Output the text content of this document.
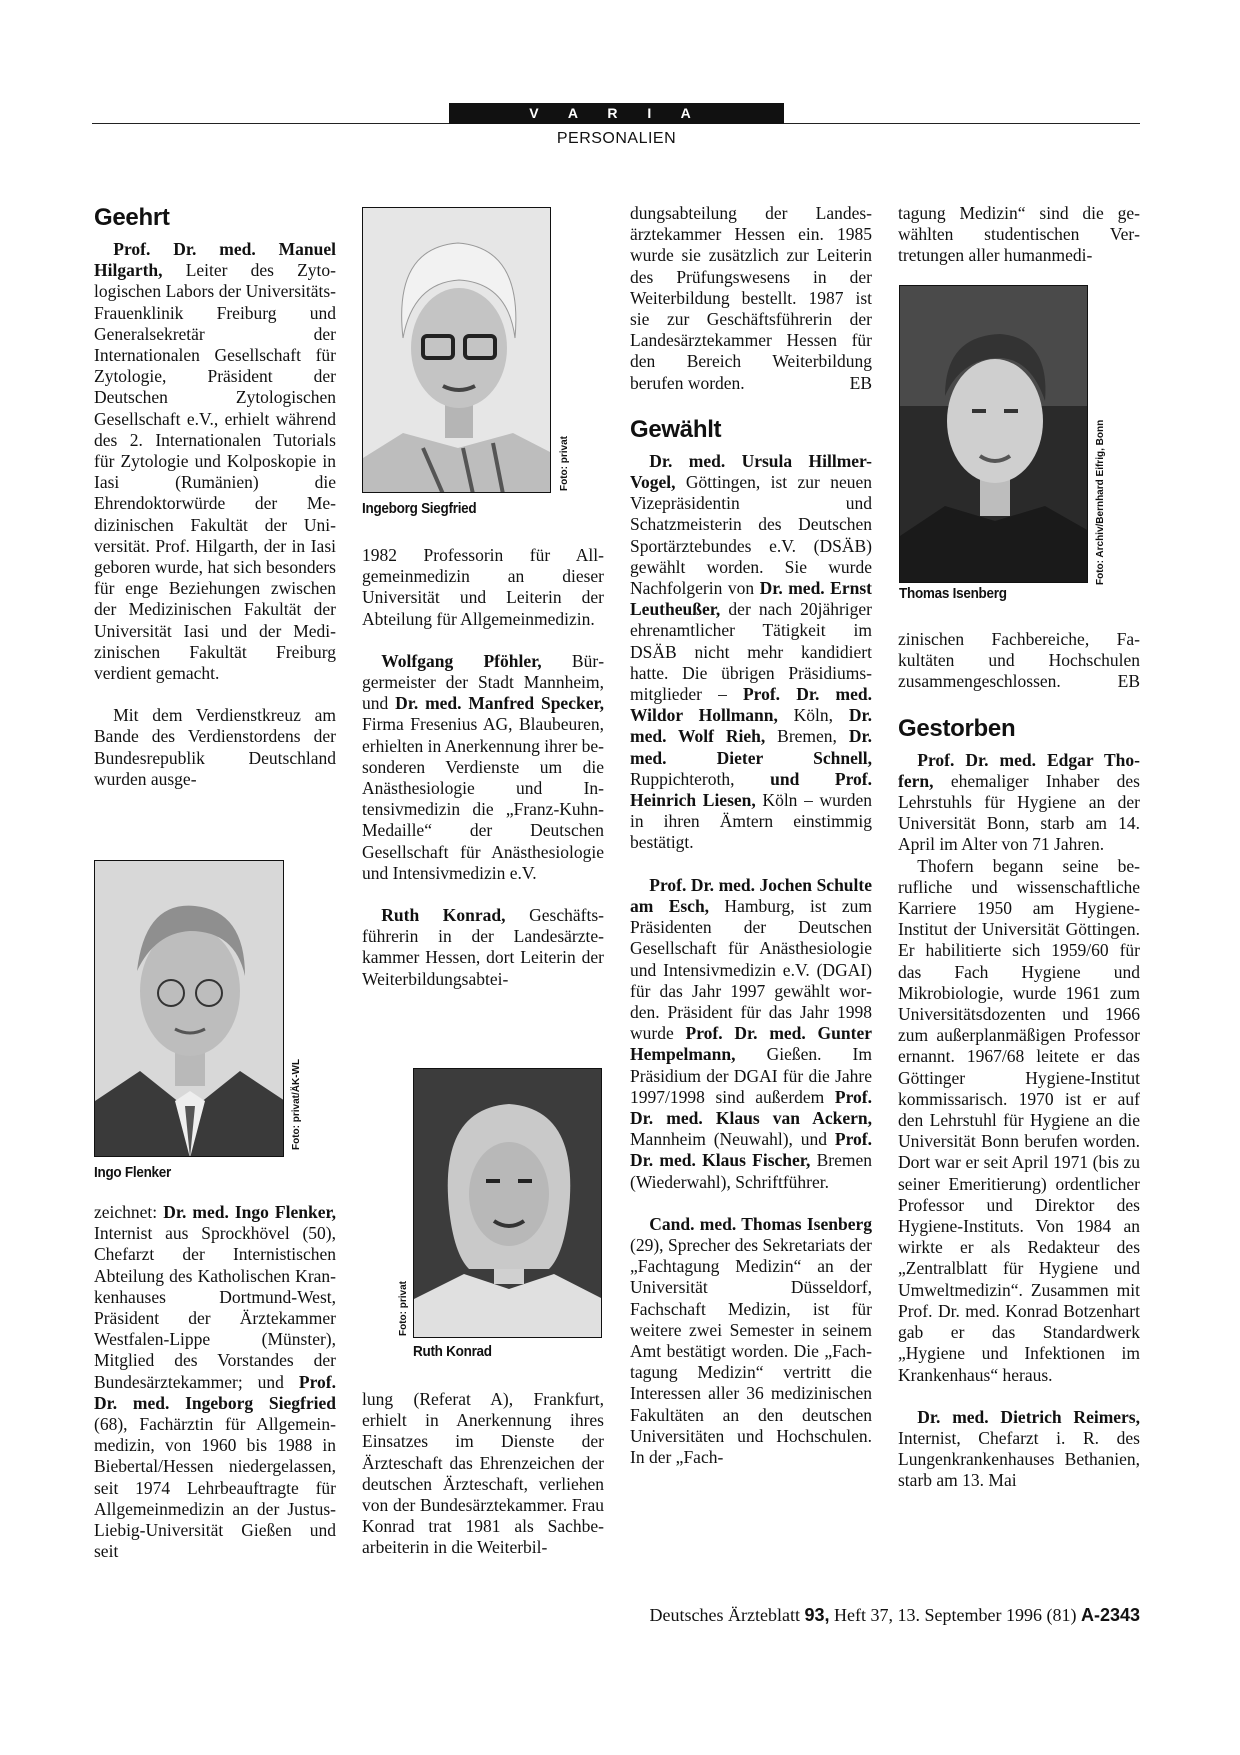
V A R I A
PERSONALIEN
Geehrt

Prof. Dr. med. Manuel Hilgarth, Leiter des Zytologischen Labors der Universitäts-Frauenklinik Freiburg und Generalsekretär der Internationalen Gesellschaft für Zytologie, Präsident der Deutschen Zytologischen Gesellschaft e.V., erhielt während des 2. Internationalen Tutorials für Zytologie und Kolposkopie in Iasi (Rumänien) die Ehrendoktorwürde der Medizinischen Fakultät der Universität. Prof. Hilgarth, der in Iasi geboren wurde, hat sich besonders für enge Beziehungen zwischen der Medizinischen Fakultät der Universität Iasi und der Medizinischen Fakultät Freiburg verdient gemacht.

Mit dem Verdienstkreuz am Bande des Verdienstordens der Bundesrepublik Deutschland wurden ausge-

Foto: privat/ÄK-WL
Ingo Flenker

zeichnet: Dr. med. Ingo Flenker, Internist aus Sprockhövel (50), Chefarzt der Internistischen Abteilung des Katholischen Krankenhauses Dortmund-West, Präsident der Ärztekammer Westfalen-Lippe (Münster), Mitglied des Vorstandes der Bundesärztekammer; und Prof. Dr. med. Ingeborg Siegfried (68), Fachärztin für Allgemeinmedizin, von 1960 bis 1988 in Biebertal/Hessen niedergelassen, seit 1974 Lehrbeauftragte für Allgemeinmedizin an der Justus-Liebig-Universität Gießen und seit

Foto: privat
Ingeborg Siegfried

1982 Professorin für Allgemeinmedizin an dieser Universität und Leiterin der Abteilung für Allgemeinmedizin.

Wolfgang Pföhler, Bürgermeister der Stadt Mannheim, und Dr. med. Manfred Specker, Firma Fresenius AG, Blaubeuren, erhielten in Anerkennung ihrer besonderen Verdienste um die Anästhesiologie und Intensivmedizin die „Franz-Kuhn-Medaille“ der Deutschen Gesellschaft für Anästhesiologie und Intensivmedizin e.V.

Ruth Konrad, Geschäftsführerin in der Landesärztekammer Hessen, dort Leiterin der Weiterbildungsabtei-

Foto: privat
Ruth Konrad

lung (Referat A), Frankfurt, erhielt in Anerkennung ihres Einsatzes im Dienste der Ärzteschaft das Ehrenzeichen der deutschen Ärzteschaft, verliehen von der Bundesärztekammer. Frau Konrad trat 1981 als Sachbearbeiterin in die Weiterbil-

dungsabteilung der Landesärztekammer Hessen ein. 1985 wurde sie zusätzlich zur Leiterin des Prüfungswesens in der Weiterbildung bestellt. 1987 ist sie zur Geschäftsführerin der Landesärztekammer Hessen für den Bereich Weiterbildung berufen worden.	EB

Gewählt

Dr. med. Ursula Hillmer-Vogel, Göttingen, ist zur neuen Vizepräsidentin und Schatzmeisterin des Deutschen Sportärztebundes e.V. (DSÄB) gewählt worden. Sie wurde Nachfolgerin von Dr. med. Ernst Leutheußer, der nach 20jähriger ehrenamtlicher Tätigkeit im DSÄB nicht mehr kandidiert hatte. Die übrigen Präsidiumsmitglieder – Prof. Dr. med. Wildor Hollmann, Köln, Dr. med. Wolf Rieh, Bremen, Dr. med. Dieter Schnell, Ruppichteroth, und Prof. Heinrich Liesen, Köln – wurden in ihren Ämtern einstimmig bestätigt.

Prof. Dr. med. Jochen Schulte am Esch, Hamburg, ist zum Präsidenten der Deutschen Gesellschaft für Anästhesiologie und Intensivmedizin e.V. (DGAI) für das Jahr 1997 gewählt worden. Präsident für das Jahr 1998 wurde Prof. Dr. med. Gunter Hempelmann, Gießen. Im Präsidium der DGAI für die Jahre 1997/1998 sind außerdem Prof. Dr. med. Klaus van Ackern, Mannheim (Neuwahl), und Prof. Dr. med. Klaus Fischer, Bremen (Wiederwahl), Schriftführer.

Cand. med. Thomas Isenberg (29), Sprecher des Sekretariats der „Fachtagung Medizin“ an der Universität Düsseldorf, Fachschaft Medizin, ist für weitere zwei Semester in seinem Amt bestätigt worden. Die „Fachtagung Medizin“ vertritt die Interessen aller 36 medizinischen Fakultäten an den deutschen Universitäten und Hochschulen. In der „Fach-

tagung Medizin“ sind die gewählten studentischen Vertretungen aller humanmedi-

Foto: Archiv/Bernhard Eifrig, Bonn
Thomas Isenberg

zinischen Fachbereiche, Fakultäten und Hochschulen zusammengeschlossen.	EB

Gestorben

Prof. Dr. med. Edgar Thofern, ehemaliger Inhaber des Lehrstuhls für Hygiene an der Universität Bonn, starb am 14. April im Alter von 71 Jahren.

Thofern begann seine berufliche und wissenschaftliche Karriere 1950 am Hygiene-Institut der Universität Göttingen. Er habilitierte sich 1959/60 für das Fach Hygiene und Mikrobiologie, wurde 1961 zum Universitätsdozenten und 1966 zum außerplanmäßigen Professor ernannt. 1967/68 leitete er das Göttinger Hygiene-Institut kommissarisch. 1970 ist er auf den Lehrstuhl für Hygiene an die Universität Bonn berufen worden. Dort war er seit April 1971 (bis zu seiner Emeritierung) ordentlicher Professor und Direktor des Hygiene-Instituts. Von 1984 an wirkte er als Redakteur des „Zentralblatt für Hygiene und Umweltmedizin“. Zusammen mit Prof. Dr. med. Konrad Botzenhart gab er das Standardwerk „Hygiene und Infektionen im Krankenhaus“ heraus.

Dr. med. Dietrich Reimers, Internist, Chefarzt i. R. des Lungenkrankenhauses Bethanien, starb am 13. Mai

Deutsches Ärzteblatt 93, Heft 37, 13. September 1996 (81) A-2343
